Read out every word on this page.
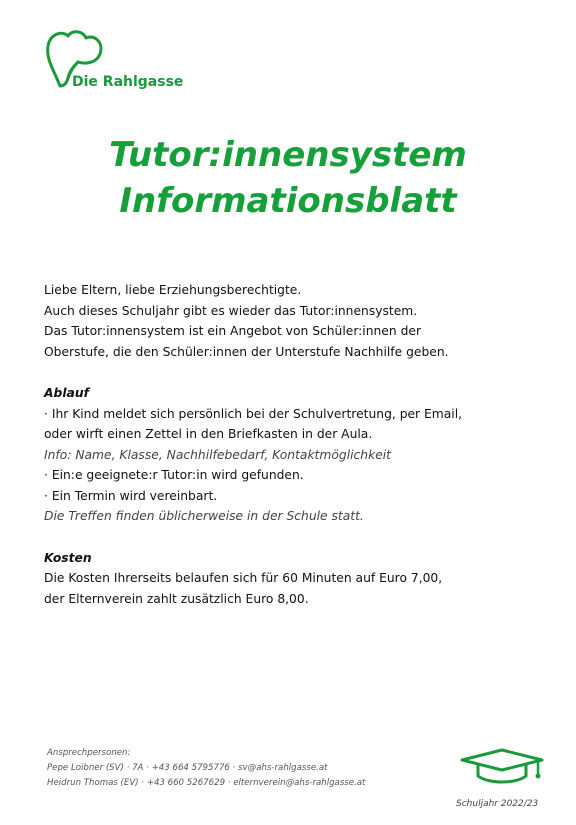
Die Rahlgasse
Tutor:innensystem
Informationsblatt

Liebe Eltern, liebe Erziehungsberechtigte.

Auch dieses Schuljahr gibt es wieder das Tutor:innensystem.

Das Tutor:innensystem ist ein Angebot von Schüler:innen der

Oberstufe, die den Schüler:innen der Unterstufe Nachhilfe geben.

Ablauf

· Ihr Kind meldet sich persönlich bei der Schulvertretung, per Email,

oder wirft einen Zettel in den Briefkasten in der Aula.

Info: Name, Klasse, Nachhilfebedarf, Kontaktmöglichkeit

· Ein:e geeignete:r Tutor:in wird gefunden.

· Ein Termin wird vereinbart.

Die Treffen finden üblicherweise in der Schule statt.

Kosten

Die Kosten Ihrerseits belaufen sich für 60 Minuten auf Euro 7,00,

der Elternverein zahlt zusätzlich Euro 8,00.

Ansprechpersonen:
Pepe Loibner (SV) · 7A · +43 664 5795776 · sv@ahs-rahlgasse.at
Heidrun Thomas (EV) · +43 660 5267629 · elternverein@ahs-rahlgasse.at
Schuljahr 2022/23
